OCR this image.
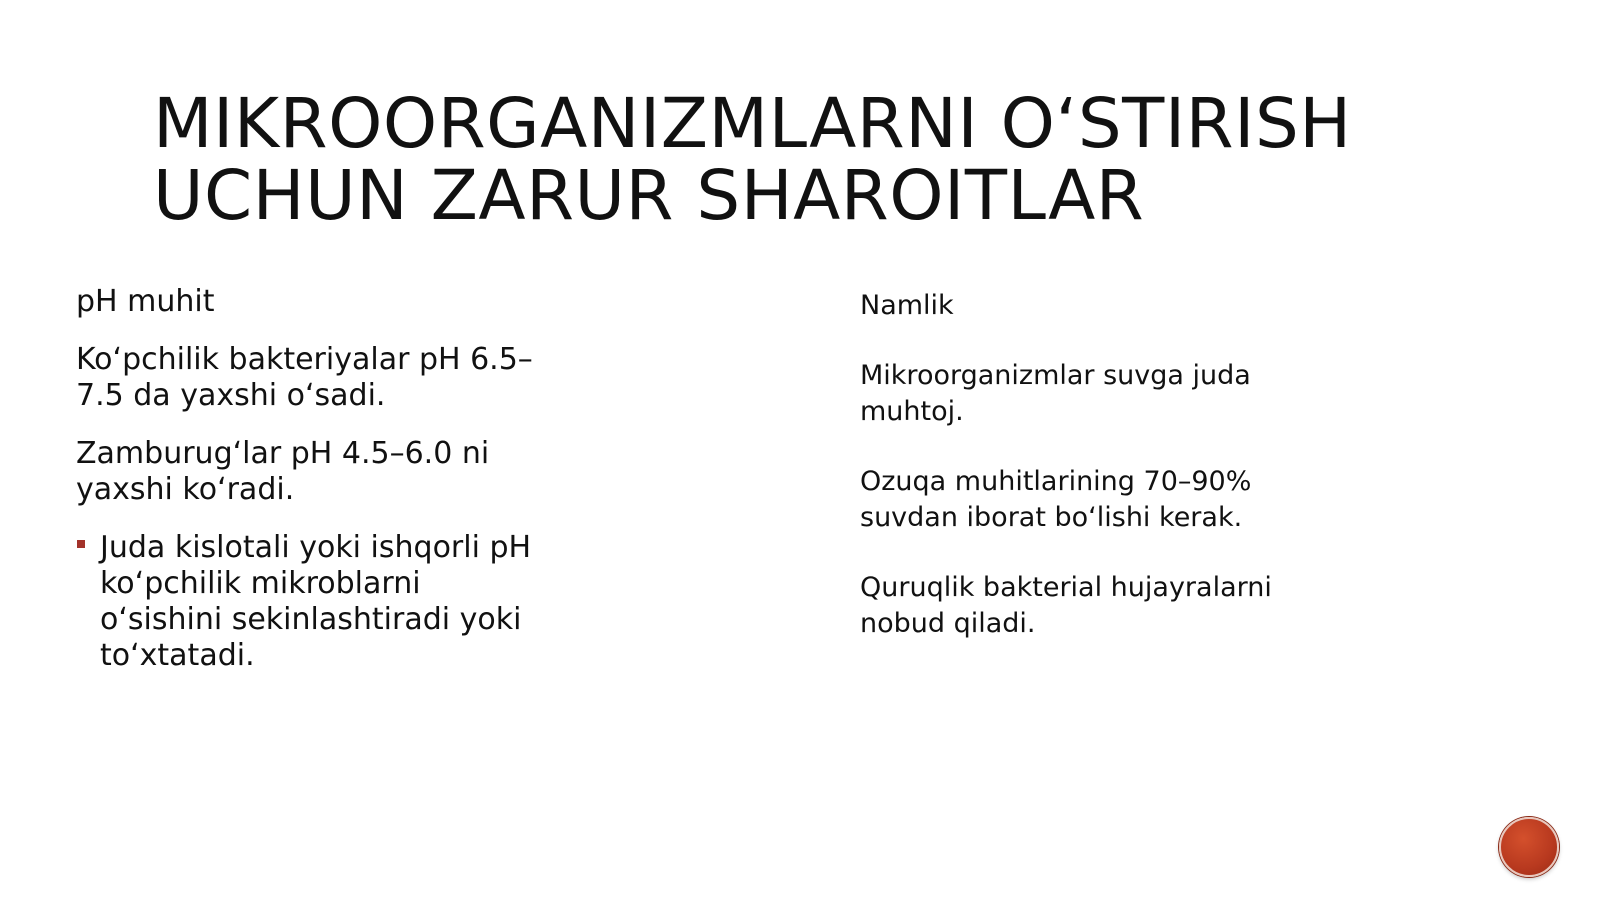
MIKROORGANIZMLARNI O‘STIRISH
UCHUN ZARUR SHAROITLAR

pH muhit

Ko‘pchilik bakteriyalar pH 6.5–7.5 da yaxshi o‘sadi.

Zamburug‘lar pH 4.5–6.0 ni yaxshi ko‘radi.

Juda kislotali yoki ishqorli pH ko‘pchilik mikroblarni o‘sishini sekinlashtiradi yoki to‘xtatadi.

Namlik

Mikroorganizmlar suvga juda muhtoj.

Ozuqa muhitlarining 70–90% suvdan iborat bo‘lishi kerak.

Quruqlik bakterial hujayralarni nobud qiladi.
